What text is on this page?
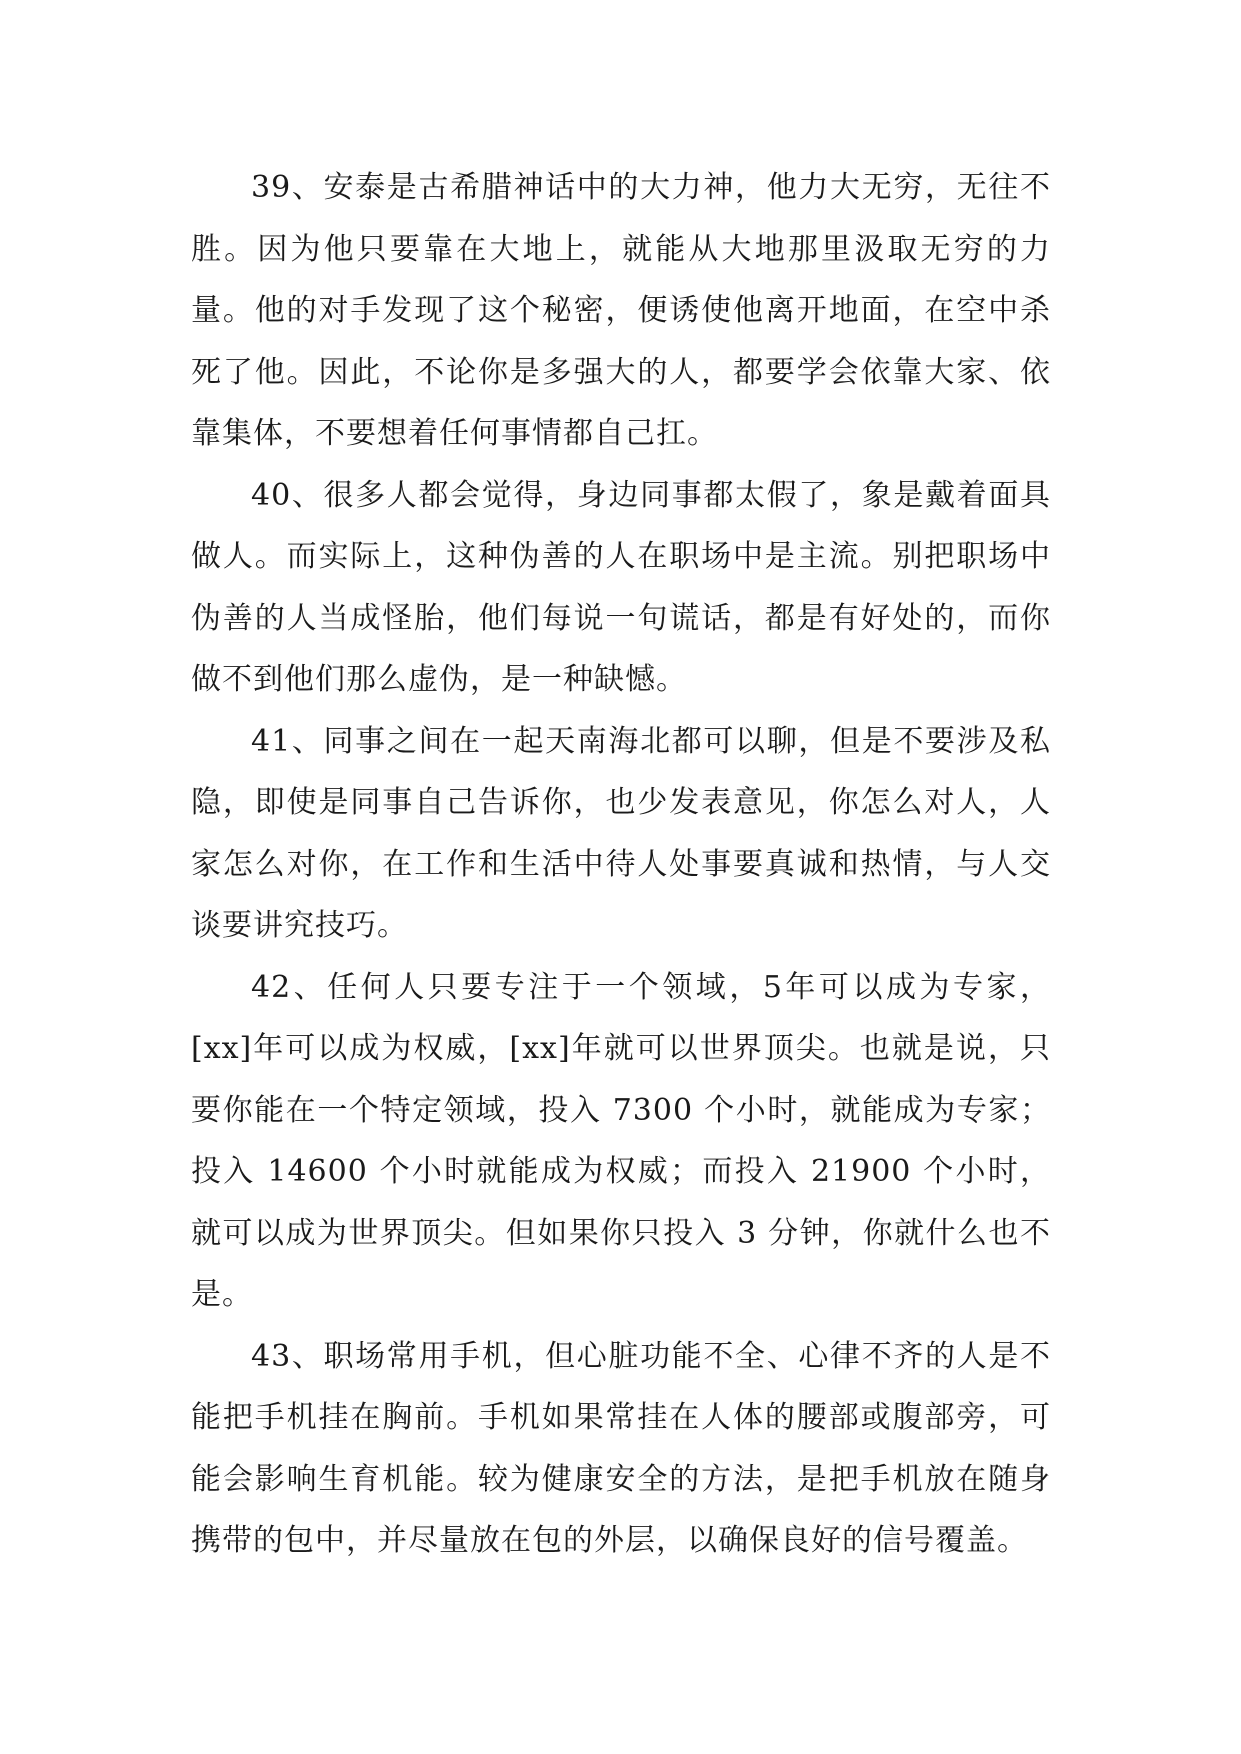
39、安泰是古希腊神话中的大力神，他力大无穷，无往不胜。因为他只要靠在大地上，就能从大地那里汲取无穷的力量。他的对手发现了这个秘密，便诱使他离开地面，在空中杀死了他。因此，不论你是多强大的人，都要学会依靠大家、依靠集体，不要想着任何事情都自己扛。

40、很多人都会觉得，身边同事都太假了，象是戴着面具做人。而实际上，这种伪善的人在职场中是主流。别把职场中伪善的人当成怪胎，他们每说一句谎话，都是有好处的，而你做不到他们那么虚伪，是一种缺憾。

41、同事之间在一起天南海北都可以聊，但是不要涉及私隐，即使是同事自己告诉你，也少发表意见，你怎么对人，人家怎么对你，在工作和生活中待人处事要真诚和热情，与人交谈要讲究技巧。

42、任何人只要专注于一个领域，5年可以成为专家，[xx]年可以成为权威，[xx]年就可以世界顶尖。也就是说，只要你能在一个特定领域，投入 7300 个小时，就能成为专家；投入 14600 个小时就能成为权威；而投入 21900 个小时，就可以成为世界顶尖。但如果你只投入 3 分钟，你就什么也不是。

43、职场常用手机，但心脏功能不全、心律不齐的人是不能把手机挂在胸前。手机如果常挂在人体的腰部或腹部旁，可能会影响生育机能。较为健康安全的方法，是把手机放在随身携带的包中，并尽量放在包的外层，以确保良好的信号覆盖。
